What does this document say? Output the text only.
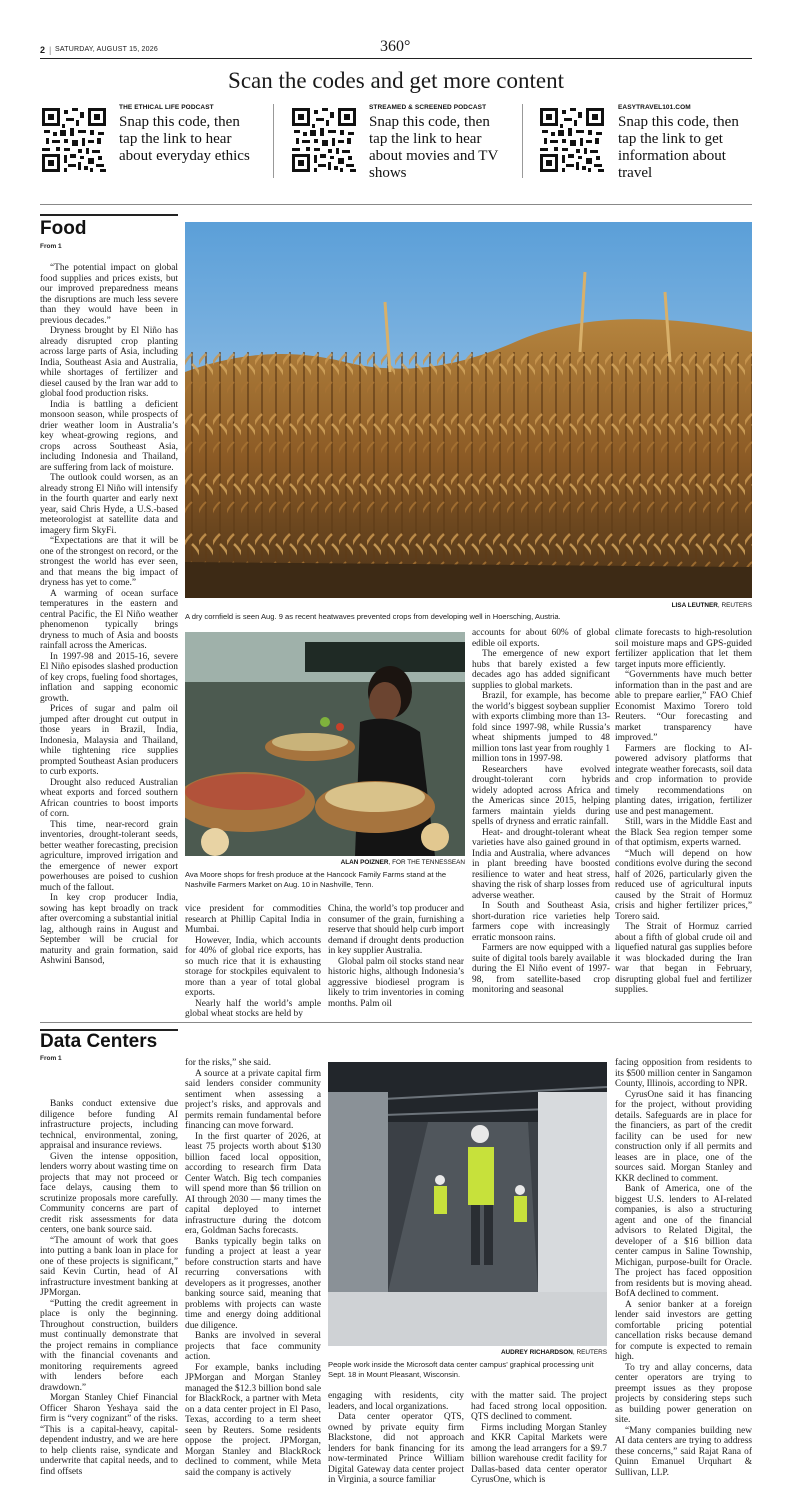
2 | SATURDAY, AUGUST 15, 2026	360°
Scan the codes and get more content
THE ETHICAL LIFE PODCAST
Snap this code, then tap the link to hear about everyday ethics
STREAMED & SCREENED PODCAST
Snap this code, then tap the link to hear about movies and TV shows
EASYTRAVEL101.COM
Snap this code, then tap the link to get information about travel
Food
From 1
LISA LEUTNER, REUTERS
A dry cornfield is seen Aug. 9 as recent heatwaves prevented crops from developing well in Hoersching, Austria.
ALAN POIZNER, FOR THE TENNESSEAN
Ava Moore shops for fresh produce at the Hancock Family Farms stand at the Nashville Farmers Market on Aug. 10 in Nashville, Tenn.

“The potential impact on global food supplies and prices exists, but our improved preparedness means the disruptions are much less severe than they would have been in previous decades.”

Dryness brought by El Niño has already disrupted crop planting across large parts of Asia, including India, Southeast Asia and Australia, while shortages of fertilizer and diesel caused by the Iran war add to global food production risks.

India is battling a deficient monsoon season, while prospects of drier weather loom in Australia’s key wheat-growing regions, and crops across Southeast Asia, including Indonesia and Thailand, are suffering from lack of moisture.

The outlook could worsen, as an already strong El Niño will intensify in the fourth quarter and early next year, said Chris Hyde, a U.S.-based meteorologist at satellite data and imagery firm SkyFi.

“Expectations are that it will be one of the strongest on record, or the strongest the world has ever seen, and that means the big impact of dryness has yet to come.”

A warming of ocean surface temperatures in the eastern and central Pacific, the El Niño weather phenomenon typically brings dryness to much of Asia and boosts rainfall across the Americas.

In 1997-98 and 2015-16, severe El Niño episodes slashed production of key crops, fueling food shortages, inflation and sapping economic growth.

Prices of sugar and palm oil jumped after drought cut output in those years in Brazil, India, Indonesia, Malaysia and Thailand, while tightening rice supplies prompted Southeast Asian producers to curb exports.

Drought also reduced Australian wheat exports and forced southern African countries to boost imports of corn.

This time, near-record grain inventories, drought-tolerant seeds, better weather forecasting, precision agriculture, improved irrigation and the emergence of newer export powerhouses are poised to cushion much of the fallout.

In key crop producer India, sowing has kept broadly on track after overcoming a substantial initial lag, although rains in August and September will be crucial for maturity and grain formation, said Ashwini Bansod,

vice president for commodities research at Phillip Capital India in Mumbai.

However, India, which accounts for 40% of global rice exports, has so much rice that it is exhausting storage for stockpiles equivalent to more than a year of total global exports.

Nearly half the world’s ample global wheat stocks are held by

China, the world’s top producer and consumer of the grain, furnishing a reserve that should help curb import demand if drought dents production in key supplier Australia.

Global palm oil stocks stand near historic highs, although Indonesia’s aggressive biodiesel program is likely to trim inventories in coming months. Palm oil

accounts for about 60% of global edible oil exports.

The emergence of new export hubs that barely existed a few decades ago has added significant supplies to global markets.

Brazil, for example, has become the world’s biggest soybean supplier with exports climbing more than 13-fold since 1997-98, while Russia’s wheat shipments jumped to 48 million tons last year from roughly 1 million tons in 1997-98.

Researchers have evolved drought-tolerant corn hybrids widely adopted across Africa and the Americas since 2015, helping farmers maintain yields during spells of dryness and erratic rainfall.

Heat- and drought-tolerant wheat varieties have also gained ground in India and Australia, where advances in plant breeding have boosted resilience to water and heat stress, shaving the risk of sharp losses from adverse weather.

In South and Southeast Asia, short-duration rice varieties help farmers cope with increasingly erratic monsoon rains.

Farmers are now equipped with a suite of digital tools barely available during the El Niño event of 1997-98, from satellite-based crop monitoring and seasonal

climate forecasts to high-resolution soil moisture maps and GPS-guided fertilizer application that let them target inputs more efficiently.

“Governments have much better information than in the past and are able to prepare earlier,” FAO Chief Economist Maximo Torero told Reuters. “Our forecasting and market transparency have improved.”

Farmers are flocking to AI-powered advisory platforms that integrate weather forecasts, soil data and crop information to provide timely recommendations on planting dates, irrigation, fertilizer use and pest management.

Still, wars in the Middle East and the Black Sea region temper some of that optimism, experts warned.

“Much will depend on how conditions evolve during the second half of 2026, particularly given the reduced use of agricultural inputs caused by the Strait of Hormuz crisis and higher fertilizer prices,” Torero said.

The Strait of Hormuz carried about a fifth of global crude oil and liquefied natural gas supplies before it was blockaded during the Iran war that began in February, disrupting global fuel and fertilizer supplies.

Data Centers
From 1
AUDREY RICHARDSON, REUTERS
People work inside the Microsoft data center campus’ graphical processing unit Sept. 18 in Mount Pleasant, Wisconsin.

Banks conduct extensive due diligence before funding AI infrastructure projects, including technical, environmental, zoning, appraisal and insurance reviews.

Given the intense opposition, lenders worry about wasting time on projects that may not proceed or face delays, causing them to scrutinize proposals more carefully. Community concerns are part of credit risk assessments for data centers, one bank source said.

“The amount of work that goes into putting a bank loan in place for one of these projects is significant,” said Kevin Curtin, head of AI infrastructure investment banking at JPMorgan.

“Putting the credit agreement in place is only the beginning. Throughout construction, builders must continually demonstrate that the project remains in compliance with the financial covenants and monitoring requirements agreed with lenders before each drawdown.”

Morgan Stanley Chief Financial Officer Sharon Yeshaya said the firm is “very cognizant” of the risks. “This is a capital-heavy, capital-dependent industry, and we are here to help clients raise, syndicate and underwrite that capital needs, and to find offsets

for the risks,” she said.

A source at a private capital firm said lenders consider community sentiment when assessing a project’s risks, and approvals and permits remain fundamental before financing can move forward.

In the first quarter of 2026, at least 75 projects worth about $130 billion faced local opposition, according to research firm Data Center Watch. Big tech companies will spend more than $6 trillion on AI through 2030 — many times the capital deployed to internet infrastructure during the dotcom era, Goldman Sachs forecasts.

Banks typically begin talks on funding a project at least a year before construction starts and have recurring conversations with developers as it progresses, another banking source said, meaning that problems with projects can waste time and energy doing additional due diligence.

Banks are involved in several projects that face community action.

For example, banks including JPMorgan and Morgan Stanley managed the $12.3 billion bond sale for BlackRock, a partner with Meta on a data center project in El Paso, Texas, according to a term sheet seen by Reuters. Some residents oppose the project. JPMorgan, Morgan Stanley and BlackRock declined to comment, while Meta said the company is actively

engaging with residents, city leaders, and local organizations.

Data center operator QTS, owned by private equity firm Blackstone, did not approach lenders for bank financing for its now-terminated Prince William Digital Gateway data center project in Virginia, a source familiar

with the matter said. The project had faced strong local opposition. QTS declined to comment.

Firms including Morgan Stanley and KKR Capital Markets were among the lead arrangers for a $9.7 billion warehouse credit facility for Dallas-based data center operator CyrusOne, which is

facing opposition from residents to its $500 million center in Sangamon County, Illinois, according to NPR.

CyrusOne said it has financing for the project, without providing details. Safeguards are in place for the financiers, as part of the credit facility can be used for new construction only if all permits and leases are in place, one of the sources said. Morgan Stanley and KKR declined to comment.

Bank of America, one of the biggest U.S. lenders to AI-related companies, is also a structuring agent and one of the financial advisors to Related Digital, the developer of a $16 billion data center campus in Saline Township, Michigan, purpose-built for Oracle. The project has faced opposition from residents but is moving ahead. BofA declined to comment.

A senior banker at a foreign lender said investors are getting comfortable pricing potential cancellation risks because demand for compute is expected to remain high.

To try and allay concerns, data center operators are trying to preempt issues as they propose projects by considering steps such as building power generation on site.

“Many companies building new AI data centers are trying to address these concerns,” said Rajat Rana of Quinn Emanuel Urquhart & Sullivan, LLP.
